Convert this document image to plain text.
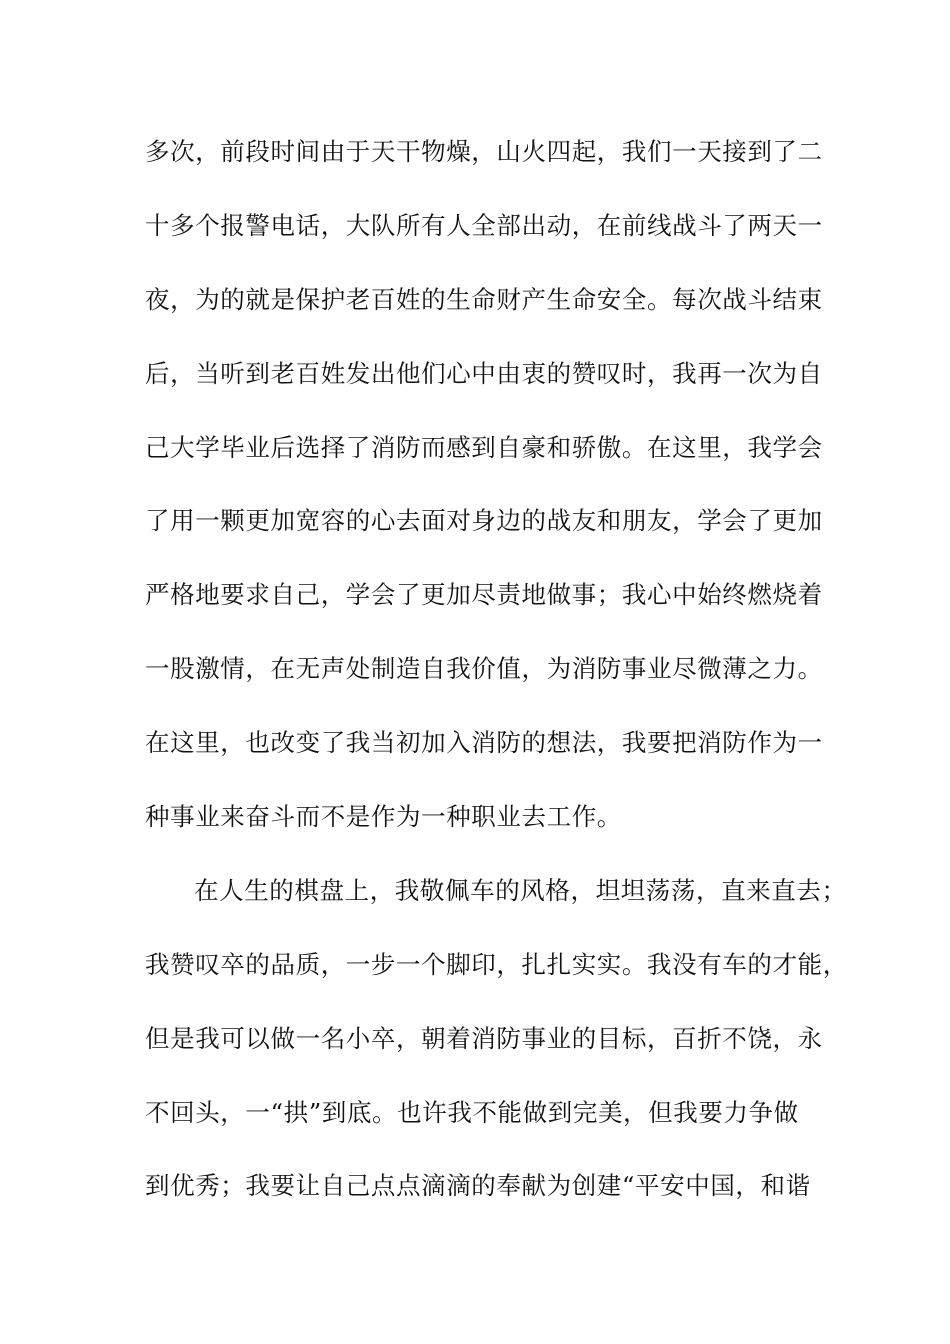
多次，前段时间由于天干物燥，山火四起，我们一天接到了二
十多个报警电话，大队所有人全部出动，在前线战斗了两天一
夜，为的就是保护老百姓的生命财产生命安全。每次战斗结束
后，当听到老百姓发出他们心中由衷的赞叹时，我再一次为自
己大学毕业后选择了消防而感到自豪和骄傲。在这里，我学会
了用一颗更加宽容的心去面对身边的战友和朋友，学会了更加
严格地要求自己，学会了更加尽责地做事；我心中始终燃烧着
一股激情，在无声处制造自我价值，为消防事业尽微薄之力。
在这里，也改变了我当初加入消防的想法，我要把消防作为一
种事业来奋斗而不是作为一种职业去工作。
在人生的棋盘上，我敬佩车的风格，坦坦荡荡，直来直去；
我赞叹卒的品质，一步一个脚印，扎扎实实。我没有车的才能，
但是我可以做一名小卒，朝着消防事业的目标，百折不饶，永
不回头，一“拱”到底。也许我不能做到完美，但我要力争做
到优秀；我要让自己点点滴滴的奉献为创建“平安中国，和谐
